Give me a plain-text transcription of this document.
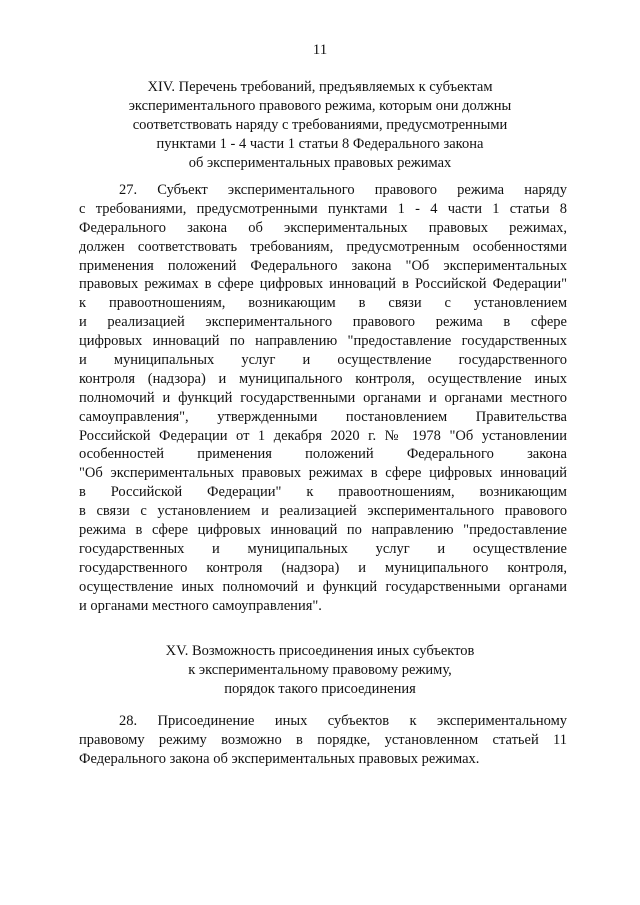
11
XIV. Перечень требований, предъявляемых к субъектам
экспериментального правового режима, которым они должны
соответствовать наряду с требованиями, предусмотренными
пунктами 1 - 4 части 1 статьи 8 Федерального закона
об экспериментальных правовых режимах
27. Субъект экспериментального правового режима наряду
с требованиями, предусмотренными пунктами 1 - 4 части 1 статьи 8
Федерального закона об экспериментальных правовых режимах,
должен соответствовать требованиям, предусмотренным особенностями
применения положений Федерального закона "Об экспериментальных
правовых режимах в сфере цифровых инноваций в Российской Федерации"
к правоотношениям, возникающим в связи с установлением
и реализацией экспериментального правового режима в сфере
цифровых инноваций по направлению "предоставление государственных
и муниципальных услуг и осуществление государственного
контроля (надзора) и муниципального контроля, осуществление иных
полномочий и функций государственными органами и органами местного
самоуправления", утвержденными постановлением Правительства
Российской Федерации от 1 декабря 2020 г. № 1978 "Об установлении
особенностей применения положений Федерального закона
"Об экспериментальных правовых режимах в сфере цифровых инноваций
в Российской Федерации" к правоотношениям, возникающим
в связи с установлением и реализацией экспериментального правового
режима в сфере цифровых инноваций по направлению "предоставление
государственных и муниципальных услуг и осуществление
государственного контроля (надзора) и муниципального контроля,
осуществление иных полномочий и функций государственными органами
и органами местного самоуправления".
XV. Возможность присоединения иных субъектов
к экспериментальному правовому режиму,
порядок такого присоединения
28. Присоединение иных субъектов к экспериментальному
правовому режиму возможно в порядке, установленном статьей 11
Федерального закона об экспериментальных правовых режимах.
